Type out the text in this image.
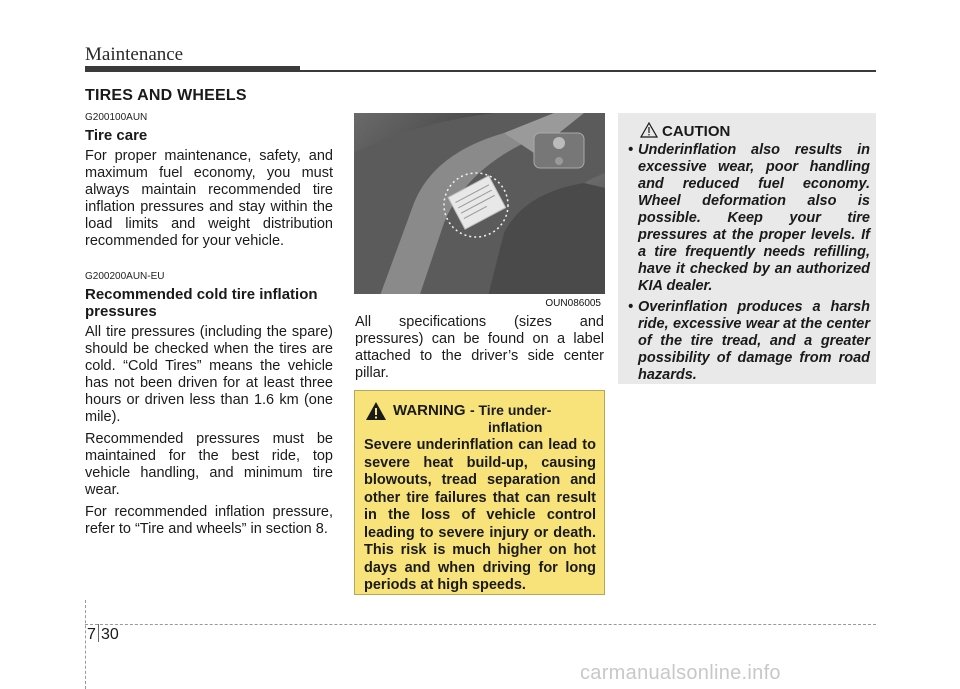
Maintenance
TIRES AND WHEELS
G200100AUN
Tire care
For proper maintenance, safety, and maximum fuel economy, you must always maintain recommended tire inflation pressures and stay within the load limits and weight distribution recommended for your vehicle.
G200200AUN-EU
Recommended cold tire inflation pressures
All tire pressures (including the spare) should be checked when the tires are cold. “Cold Tires” means the vehicle has not been driven for at least three hours or driven less than 1.6 km (one mile).
Recommended pressures must be maintained for the best ride, top vehicle handling, and minimum tire wear.
For recommended inflation pressure, refer to “Tire and wheels” in section 8.
OUN086005
All specifications (sizes and pressures) can be found on a label attached to the driver’s side center pillar.
WARNING - Tire under-
inflation
Severe underinflation can lead to severe heat build-up, causing blowouts, tread separation and other tire failures that can result in the loss of vehicle control leading to severe injury or death. This risk is much higher on hot days and when driving for long periods at high speeds.
CAUTION
• Underinflation also results in excessive wear, poor handling and reduced fuel economy. Wheel deformation also is possible. Keep your tire pressures at the proper levels. If a tire frequently needs refilling, have it checked by an authorized KIA dealer.
• Overinflation produces a harsh ride, excessive wear at the center of the tire tread, and a greater possibility of damage from road hazards.
7 30
carmanualsonline.info
